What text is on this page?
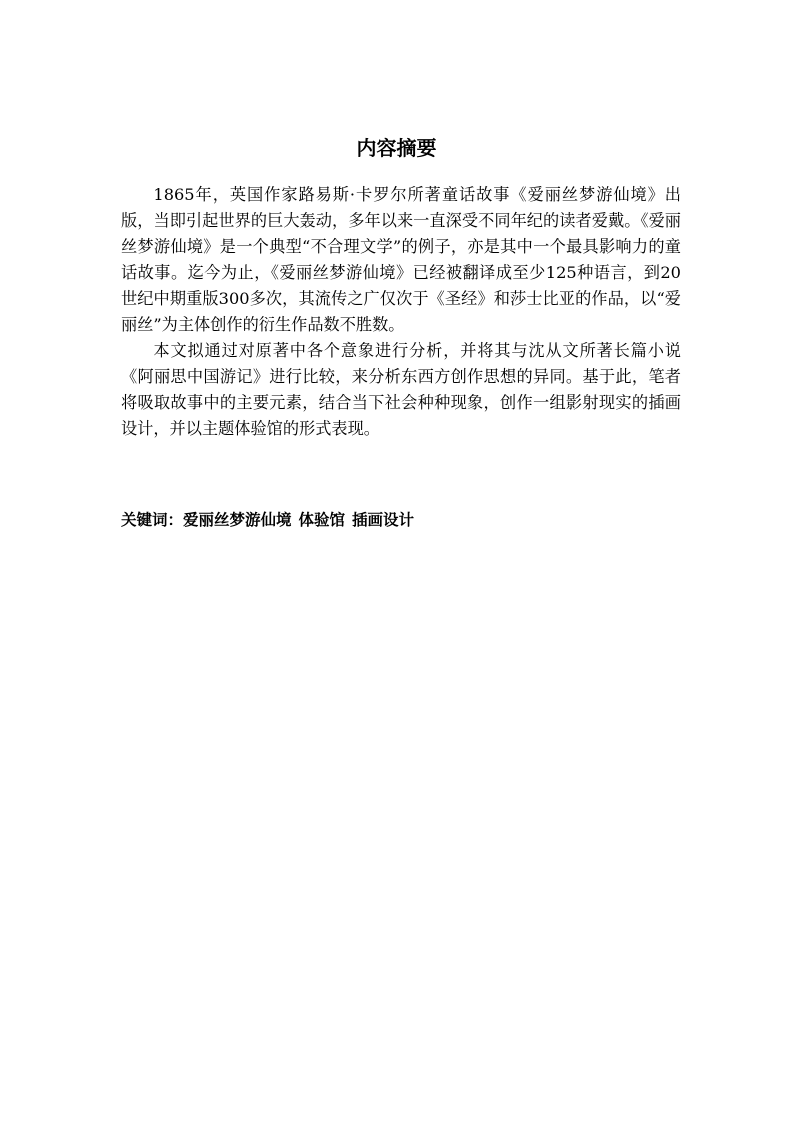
内容摘要

1865年，英国作家路易斯·卡罗尔所著童话故事《爱丽丝梦游仙境》出版，当即引起世界的巨大轰动，多年以来一直深受不同年纪的读者爱戴。《爱丽丝梦游仙境》是一个典型“不合理文学”的例子，亦是其中一个最具影响力的童话故事。迄今为止，《爱丽丝梦游仙境》已经被翻译成至少125种语言，到20世纪中期重版300多次，其流传之广仅次于《圣经》和莎士比亚的作品，以“爱丽丝”为主体创作的衍生作品数不胜数。

本文拟通过对原著中各个意象进行分析，并将其与沈从文所著长篇小说《阿丽思中国游记》进行比较，来分析东西方创作思想的异同。基于此，笔者将吸取故事中的主要元素，结合当下社会种种现象，创作一组影射现实的插画设计，并以主题体验馆的形式表现。

关键词：爱丽丝梦游仙境 体验馆 插画设计
